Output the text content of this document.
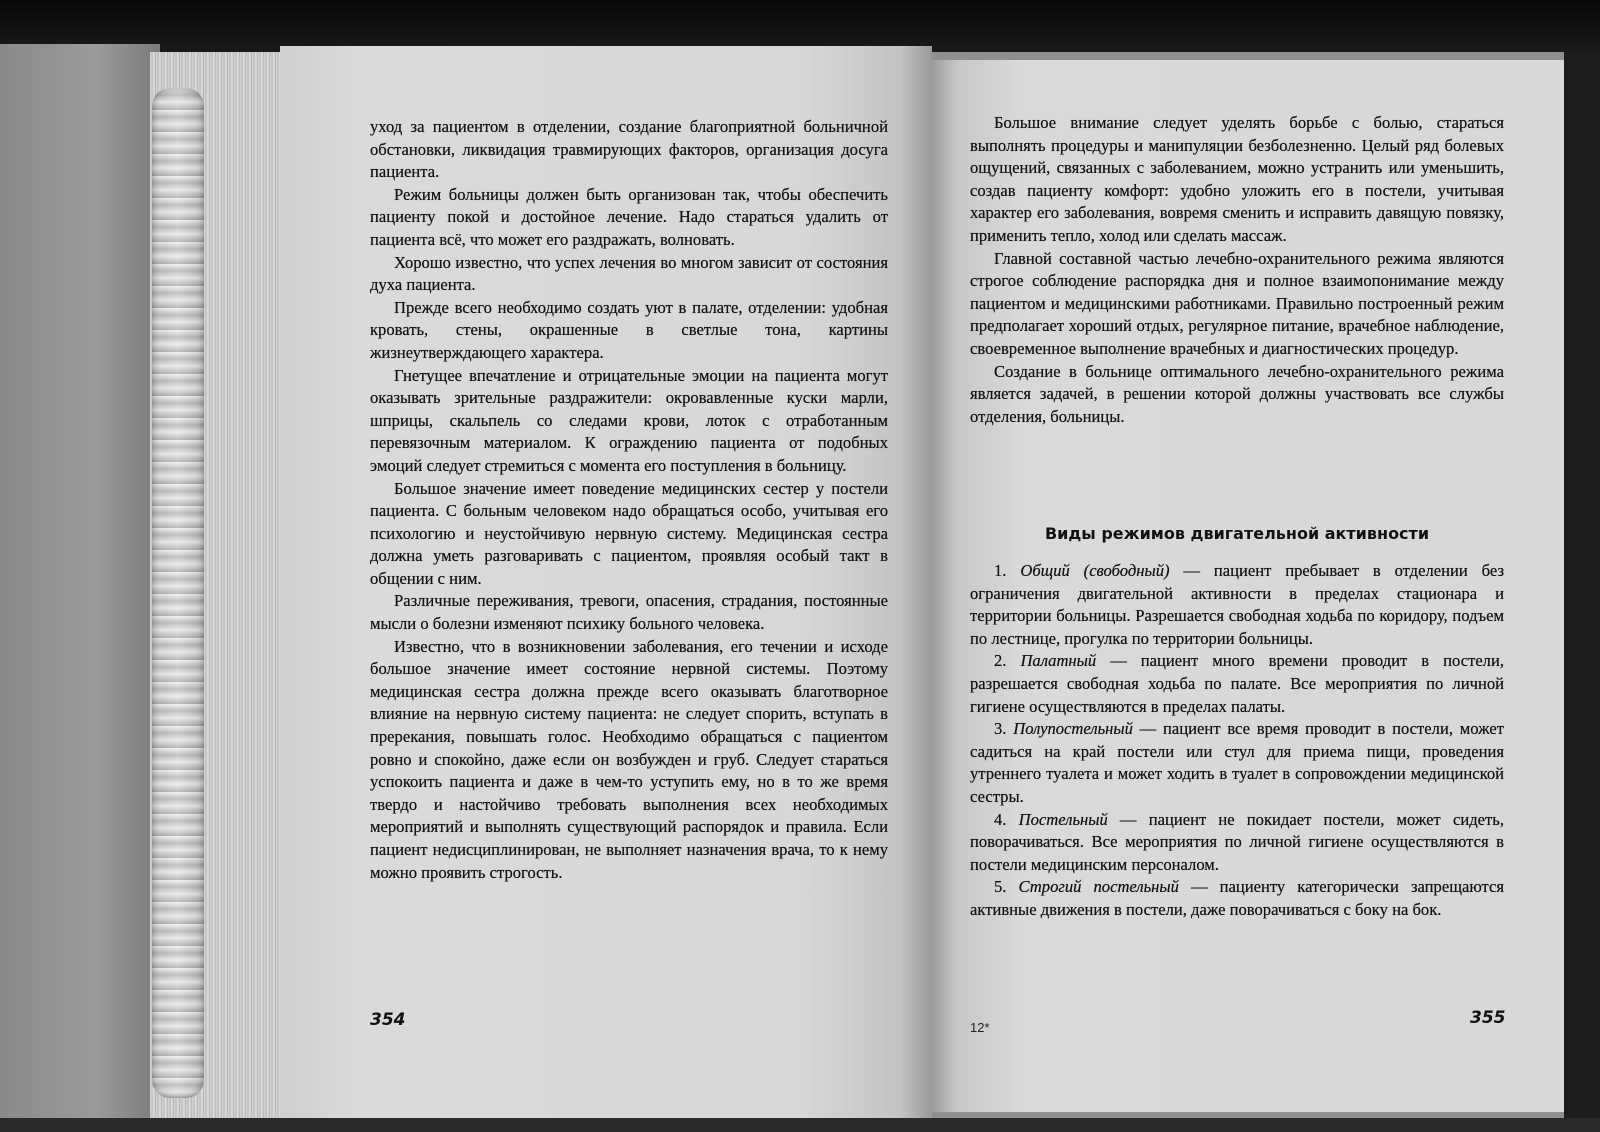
уход за пациентом в отделении, создание благоприятной больничной обстановки, ликвидация травмирующих факторов, организация досуга пациента.

Режим больницы должен быть организован так, чтобы обеспечить пациенту покой и достойное лечение. Надо стараться удалить от пациента всё, что может его раздражать, волновать.

Хорошо известно, что успех лечения во многом зависит от состояния духа пациента.

Прежде всего необходимо создать уют в палате, отделении: удобная кровать, стены, окрашенные в светлые тона, картины жизнеутверждающего характера.

Гнетущее впечатление и отрицательные эмоции на пациента могут оказывать зрительные раздражители: окровавленные куски марли, шприцы, скальпель со следами крови, лоток с отработанным перевязочным материалом. К ограждению пациента от подобных эмоций следует стремиться с момента его поступления в больницу.

Большое значение имеет поведение медицинских сестер у постели пациента. С больным человеком надо обращаться особо, учитывая его психологию и неустойчивую нервную систему. Медицинская сестра должна уметь разговаривать с пациентом, проявляя особый такт в общении с ним.

Различные переживания, тревоги, опасения, страдания, постоянные мысли о болезни изменяют психику больного человека.

Известно, что в возникновении заболевания, его течении и исходе большое значение имеет состояние нервной системы. Поэтому медицинская сестра должна прежде всего оказывать благотворное влияние на нервную систему пациента: не следует спорить, вступать в пререкания, повышать голос. Необходимо обращаться с пациентом ровно и спокойно, даже если он возбужден и груб. Следует стараться успокоить пациента и даже в чем-то уступить ему, но в то же время твердо и настойчиво требовать выполнения всех необходимых мероприятий и выполнять существующий распорядок и правила. Если пациент недисциплинирован, не выполняет назначения врача, то к нему можно проявить строгость.

354

Большое внимание следует уделять борьбе с болью, стараться выполнять процедуры и манипуляции безболезненно. Целый ряд болевых ощущений, связанных с заболеванием, можно устранить или уменьшить, создав пациенту комфорт: удобно уложить его в постели, учитывая характер его заболевания, вовремя сменить и исправить давящую повязку, применить тепло, холод или сделать массаж.

Главной составной частью лечебно-охранительного режима являются строгое соблюдение распорядка дня и полное взаимопонимание между пациентом и медицинскими работниками. Правильно построенный режим предполагает хороший отдых, регулярное питание, врачебное наблюдение, своевременное выполнение врачебных и диагностических процедур.

Создание в больнице оптимального лечебно-охранительного режима является задачей, в решении которой должны участвовать все службы отделения, больницы.

Виды режимов двигательной активности

1. Общий (свободный) — пациент пребывает в отделении без ограничения двигательной активности в пределах стационара и территории больницы. Разрешается свободная ходьба по коридору, подъем по лестнице, прогулка по территории больницы.

2. Палатный — пациент много времени проводит в постели, разрешается свободная ходьба по палате. Все мероприятия по личной гигиене осуществляются в пределах палаты.

3. Полупостельный — пациент все время проводит в постели, может садиться на край постели или стул для приема пищи, проведения утреннего туалета и может ходить в туалет в сопровождении медицинской сестры.

4. Постельный — пациент не покидает постели, может сидеть, поворачиваться. Все мероприятия по личной гигиене осуществляются в постели медицинским персоналом.

5. Строгий постельный — пациенту категорически запрещаются активные движения в постели, даже поворачиваться с боку на бок.

12*	355
